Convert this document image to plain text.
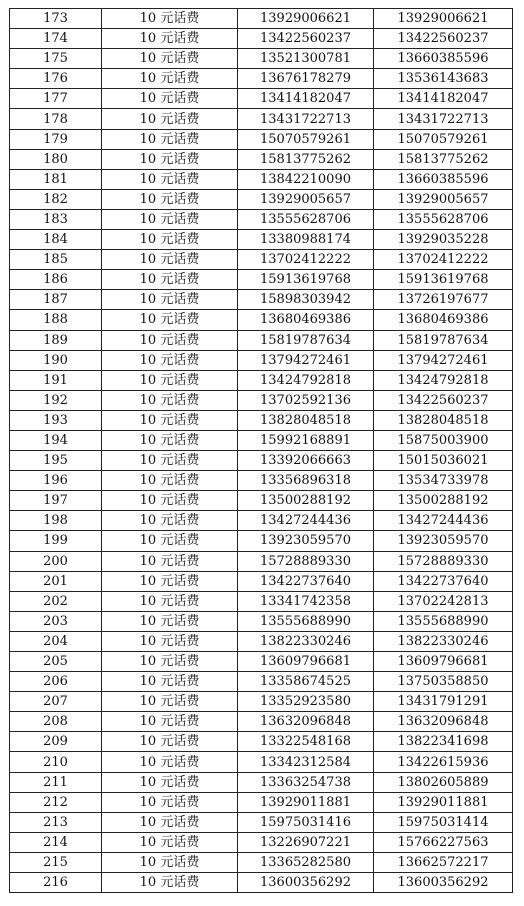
173	10 元话费	13929006621	13929006621
174	10 元话费	13422560237	13422560237
175	10 元话费	13521300781	13660385596
176	10 元话费	13676178279	13536143683
177	10 元话费	13414182047	13414182047
178	10 元话费	13431722713	13431722713
179	10 元话费	15070579261	15070579261
180	10 元话费	15813775262	15813775262
181	10 元话费	13842210090	13660385596
182	10 元话费	13929005657	13929005657
183	10 元话费	13555628706	13555628706
184	10 元话费	13380988174	13929035228
185	10 元话费	13702412222	13702412222
186	10 元话费	15913619768	15913619768
187	10 元话费	15898303942	13726197677
188	10 元话费	13680469386	13680469386
189	10 元话费	15819787634	15819787634
190	10 元话费	13794272461	13794272461
191	10 元话费	13424792818	13424792818
192	10 元话费	13702592136	13422560237
193	10 元话费	13828048518	13828048518
194	10 元话费	15992168891	15875003900
195	10 元话费	13392066663	15015036021
196	10 元话费	13356896318	13534733978
197	10 元话费	13500288192	13500288192
198	10 元话费	13427244436	13427244436
199	10 元话费	13923059570	13923059570
200	10 元话费	15728889330	15728889330
201	10 元话费	13422737640	13422737640
202	10 元话费	13341742358	13702242813
203	10 元话费	13555688990	13555688990
204	10 元话费	13822330246	13822330246
205	10 元话费	13609796681	13609796681
206	10 元话费	13358674525	13750358850
207	10 元话费	13352923580	13431791291
208	10 元话费	13632096848	13632096848
209	10 元话费	13322548168	13822341698
210	10 元话费	13342312584	13422615936
211	10 元话费	13363254738	13802605889
212	10 元话费	13929011881	13929011881
213	10 元话费	15975031416	15975031414
214	10 元话费	13226907221	15766227563
215	10 元话费	13365282580	13662572217
216	10 元话费	13600356292	13600356292
